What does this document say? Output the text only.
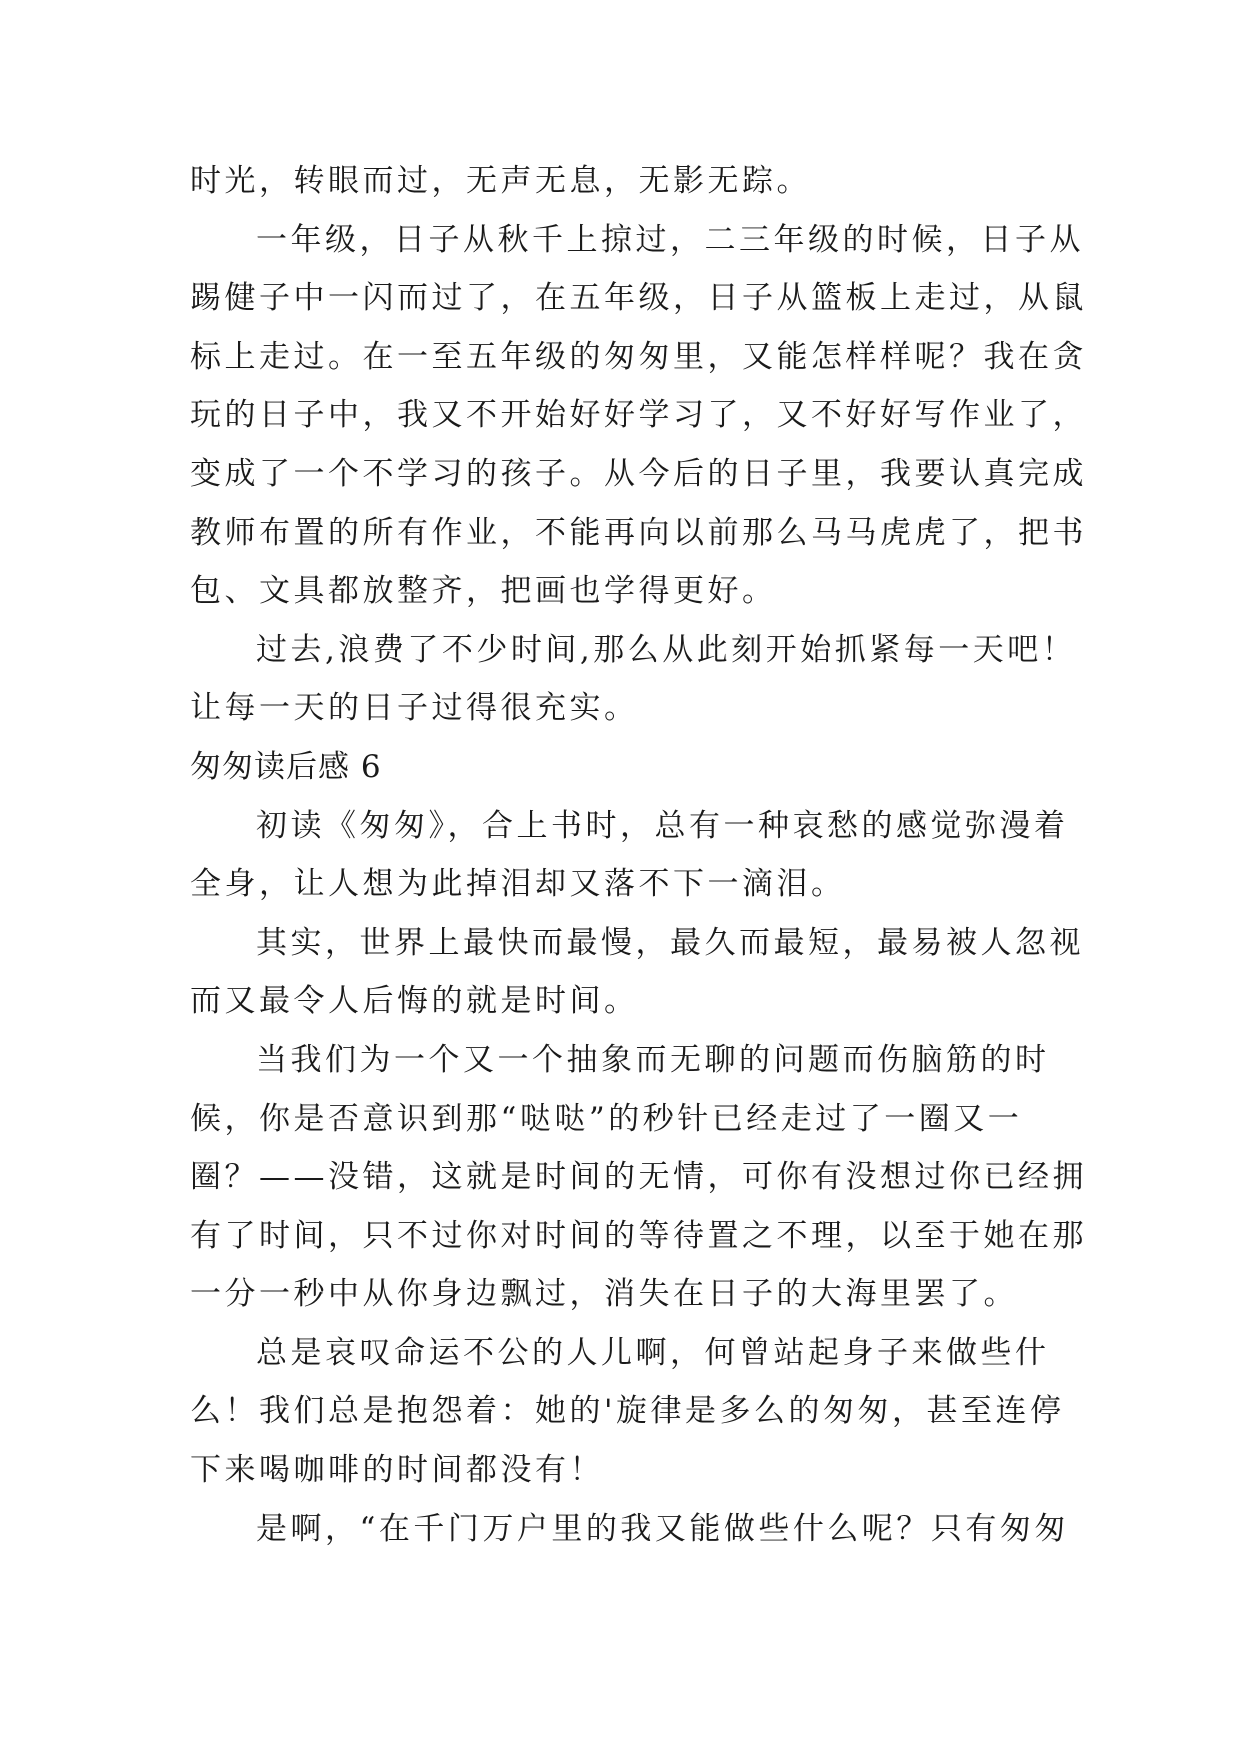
时光，转眼而过，无声无息，无影无踪。
一年级，日子从秋千上掠过，二三年级的时候，日子从
踢健子中一闪而过了，在五年级，日子从篮板上走过，从鼠
标上走过。在一至五年级的匆匆里，又能怎样样呢？我在贪
玩的日子中，我又不开始好好学习了，又不好好写作业了，
变成了一个不学习的孩子。从今后的日子里，我要认真完成
教师布置的所有作业，不能再向以前那么马马虎虎了，把书
包、文具都放整齐，把画也学得更好。
过去,浪费了不少时间,那么从此刻开始抓紧每一天吧！
让每一天的日子过得很充实。
匆匆读后感 6
初读《匆匆》，合上书时，总有一种哀愁的感觉弥漫着
全身，让人想为此掉泪却又落不下一滴泪。
其实，世界上最快而最慢，最久而最短，最易被人忽视
而又最令人后悔的就是时间。
当我们为一个又一个抽象而无聊的问题而伤脑筋的时
候，你是否意识到那“哒哒”的秒针已经走过了一圈又一
圈？——没错，这就是时间的无情，可你有没想过你已经拥
有了时间，只不过你对时间的等待置之不理，以至于她在那
一分一秒中从你身边飘过，消失在日子的大海里罢了。
总是哀叹命运不公的人儿啊，何曾站起身子来做些什
么！我们总是抱怨着：她的'旋律是多么的匆匆，甚至连停
下来喝咖啡的时间都没有！
是啊，“在千门万户里的我又能做些什么呢？只有匆匆
